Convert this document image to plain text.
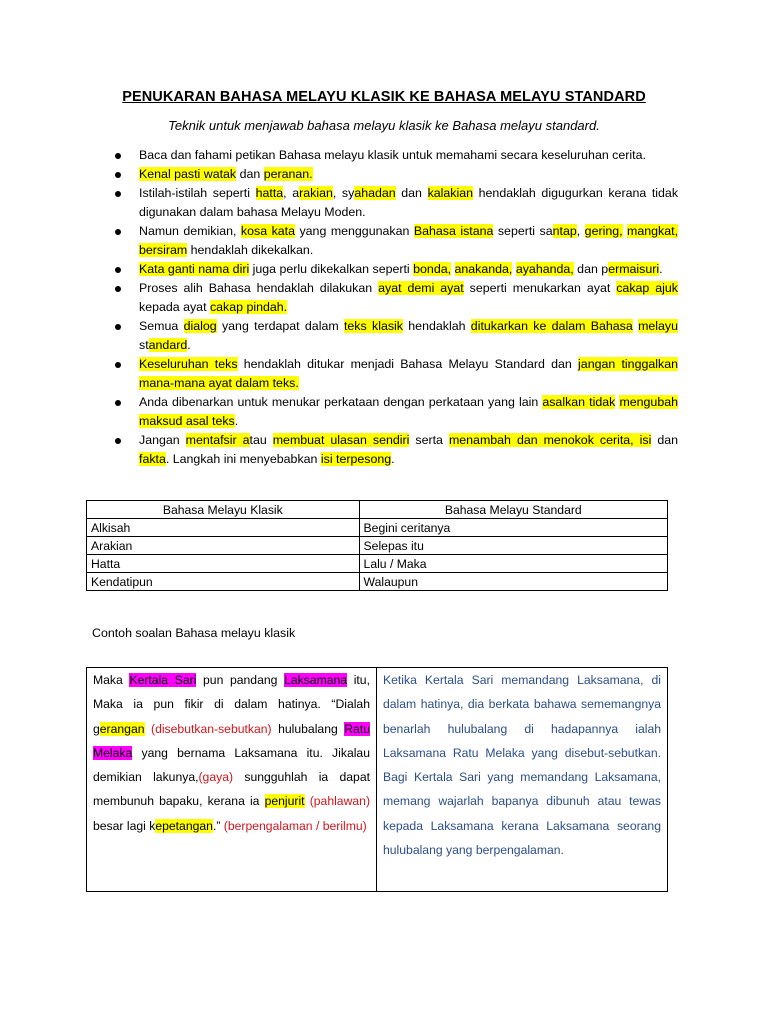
PENUKARAN BAHASA MELAYU KLASIK KE BAHASA MELAYU STANDARD
Teknik untuk menjawab bahasa melayu klasik ke Bahasa melayu standard.
Baca dan fahami petikan Bahasa melayu klasik untuk memahami secara keseluruhan cerita.
Kenal pasti watak dan peranan.
Istilah-istilah seperti hatta, arakian, syahadan dan kalakian hendaklah digugurkan kerana tidak digunakan dalam bahasa Melayu Moden.
Namun demikian, kosa kata yang menggunakan Bahasa istana seperti santap, gering, mangkat, bersiram hendaklah dikekalkan.
Kata ganti nama diri juga perlu dikekalkan seperti bonda, anakanda, ayahanda, dan permaisuri.
Proses alih Bahasa hendaklah dilakukan ayat demi ayat seperti menukarkan ayat cakap ajuk kepada ayat cakap pindah.
Semua dialog yang terdapat dalam teks klasik hendaklah ditukarkan ke dalam Bahasa melayu standard.
Keseluruhan teks hendaklah ditukar menjadi Bahasa Melayu Standard dan jangan tinggalkan mana-mana ayat dalam teks.
Anda dibenarkan untuk menukar perkataan dengan perkataan yang lain asalkan tidak mengubah maksud asal teks.
Jangan mentafsir atau membuat ulasan sendiri serta menambah dan menokok cerita, isi dan fakta. Langkah ini menyebabkan isi terpesong.
Bahasa Melayu Klasik	Bahasa Melayu Standard
Alkisah	Begini ceritanya
Arakian	Selepas itu
Hatta	Lalu / Maka
Kendatipun	Walaupun
Contoh soalan Bahasa melayu klasik

Maka Kertala Sari pun pandang Laksamana itu, Maka ia pun fikir di dalam hatinya. “Dialah gerangan (disebutkan-sebutkan) hulubalang Ratu Melaka yang bernama Laksamana itu. Jikalau demikian lakunya,(gaya) sungguhlah ia dapat membunuh bapaku, kerana ia penjurit (pahlawan) besar lagi kepetangan.” (berpengalaman / berilmu)

Ketika Kertala Sari memandang Laksamana, di dalam hatinya, dia berkata bahawa sememangnya benarlah hulubalang di hadapannya ialah Laksamana Ratu Melaka yang disebut-sebutkan. Bagi Kertala Sari yang memandang Laksamana, memang wajarlah bapanya dibunuh atau tewas kepada Laksamana kerana Laksamana seorang hulubalang yang berpengalaman.
